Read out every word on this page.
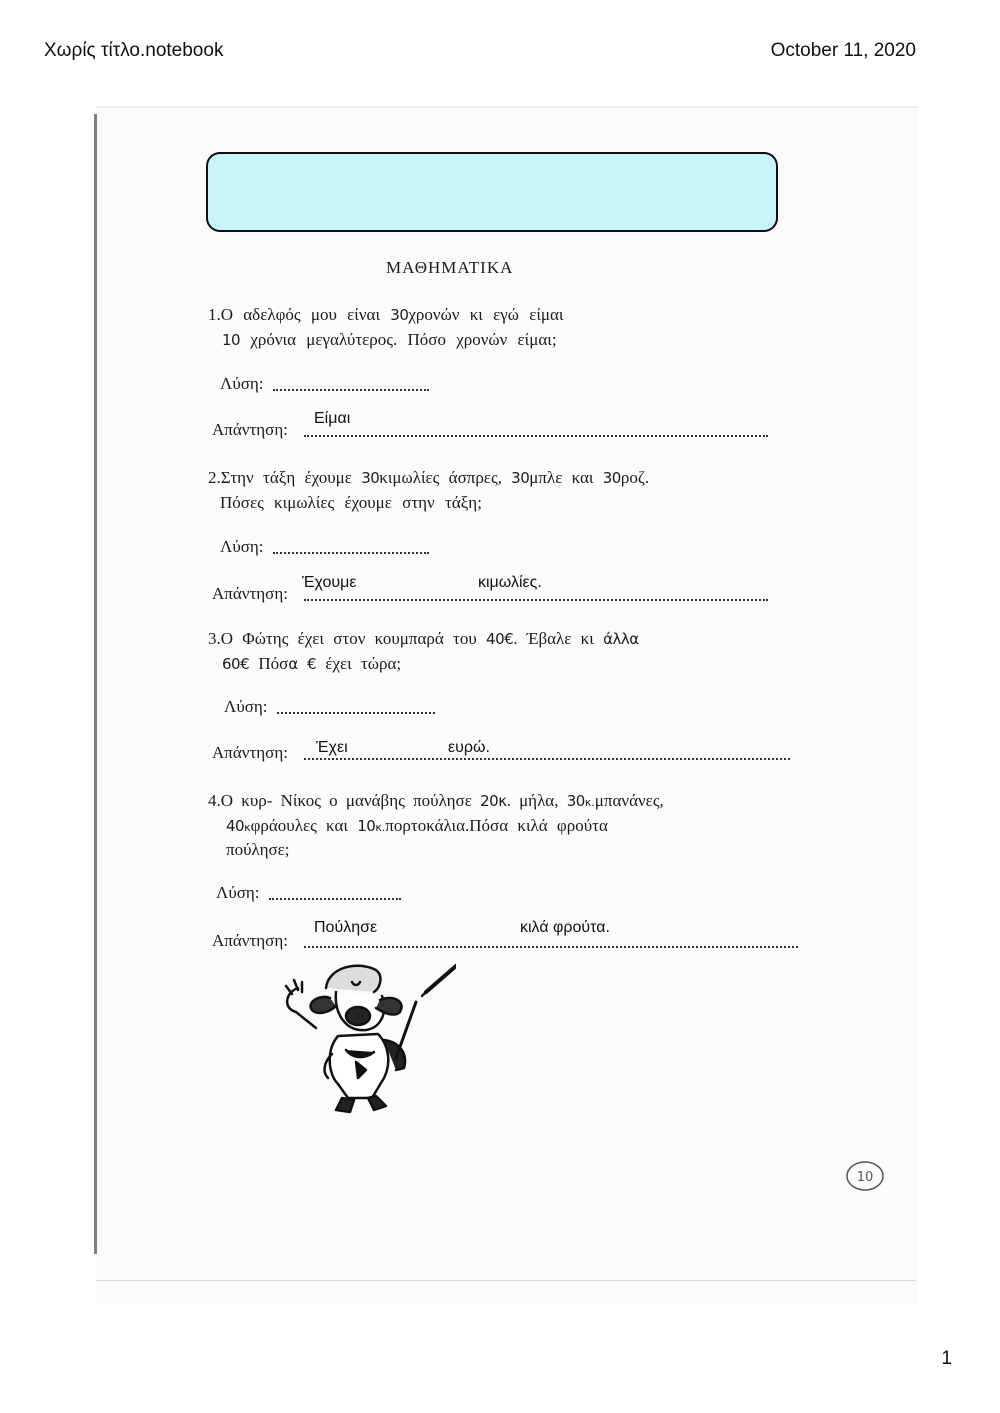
Χωρίς τίτλο.notebook	October 11, 2020
ΜΑΘΗΜΑΤΙΚΑ
1.Ο αδελφός μου είναι 30χρονών κι εγώ είμαι
10 χρόνια μεγαλύτερος. Πόσο χρονών είμαι;
Λύση:
Απάντηση:
Είμαι
2.Στην τάξη έχουμε 30κιμωλίες άσπρες, 30μπλε και 30ροζ.
Πόσες κιμωλίες έχουμε στην τάξη;
Λύση:
Απάντηση:
Έχουμε	κιμωλίες.
3.Ο Φώτης έχει στον κουμπαρά του 40€. Έβαλε κι άλλα
60€ Πόσα € έχει τώρα;
Λύση:
Απάντηση: Έχει	ευρώ.
4.Ο κυρ- Νίκος ο μανάβης πούλησε 20κ. μήλα, 30κ.μπανάνες,
40κφράουλες και 10κ.πορτοκάλια.Πόσα κιλά φρούτα
πούλησε;
Λύση:
Απάντηση:
Πούλησε	κιλά φρούτα.
10
1
